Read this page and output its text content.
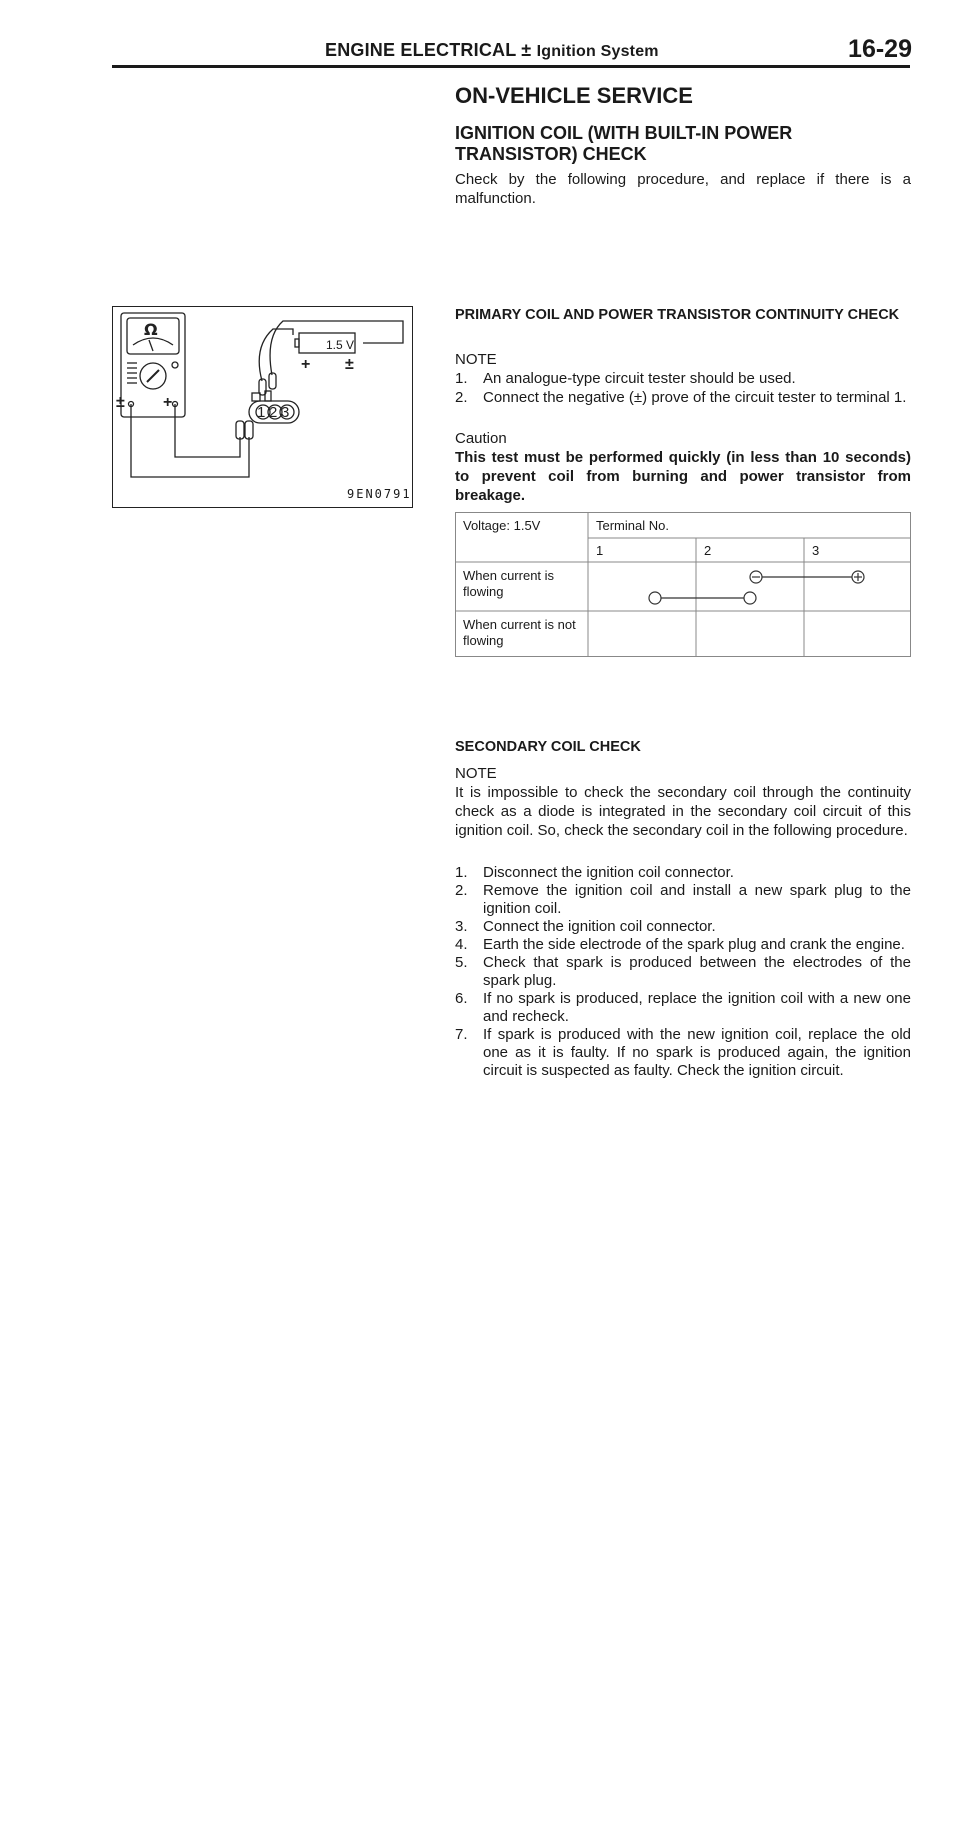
ENGINE ELECTRICAL ± Ignition System	16-29
ON-VEHICLE SERVICE
IGNITION COIL (WITH BUILT-IN POWER TRANSISTOR) CHECK
Check by the following procedure, and replace if there is a malfunction.
± +
+ ±
1 2 3
Ω
1.5 V
9EN0791
PRIMARY COIL AND POWER TRANSISTOR CONTINUITY CHECK
NOTE
1. An analogue-type circuit tester should be used.
2. Connect the negative (±) prove of the circuit tester to terminal 1.
Caution
This test must be performed quickly (in less than 10 seconds) to prevent coil from burning and power transistor from breakage.
Voltage: 1.5V	Terminal No.
1	2	3
When current is flowing
When current is not flowing
SECONDARY COIL CHECK
NOTE
It is impossible to check the secondary coil through the continuity check as a diode is integrated in the secondary coil circuit of this ignition coil. So, check the secondary coil in the following procedure.
1. Disconnect the ignition coil connector.
2. Remove the ignition coil and install a new spark plug to the ignition coil.
3. Connect the ignition coil connector.
4. Earth the side electrode of the spark plug and crank the engine.
5. Check that spark is produced between the electrodes of the spark plug.
6. If no spark is produced, replace the ignition coil with a new one and recheck.
7. If spark is produced with the new ignition coil, replace the old one as it is faulty. If no spark is produced again, the ignition circuit is suspected as faulty. Check the ignition circuit.
